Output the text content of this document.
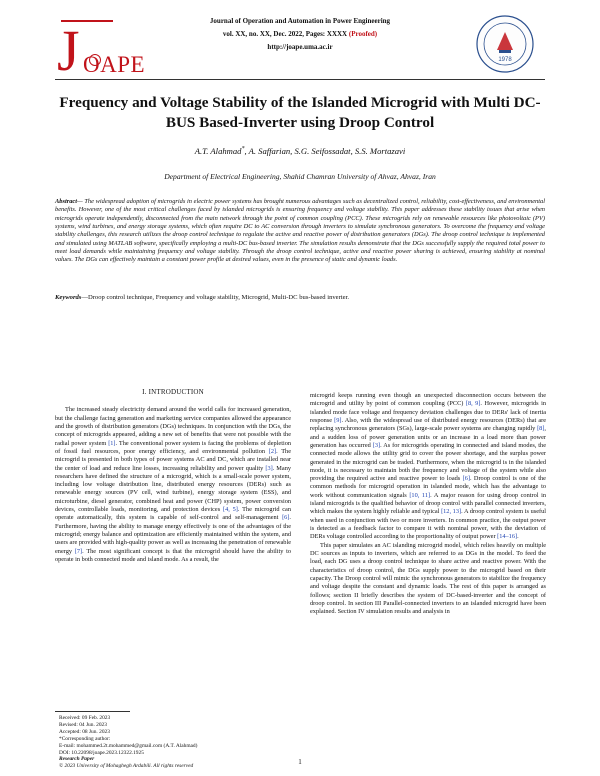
J OAPE
Journal of Operation and Automation in Power Engineering
vol. XX, no. XX, Dec. 2022, Pages: XXXX (Proofed)
http://joape.uma.ac.ir
1978
Frequency and Voltage Stability of the Islanded Microgrid with Multi DC-BUS Based-Inverter using Droop Control
A.T. Alahmad*, A. Saffarian, S.G. Seifossadat, S.S. Mortazavi
Department of Electrical Engineering, Shahid Chamran University of Ahvaz, Ahvaz, Iran
Abstract— The widespread adoption of microgrids in electric power systems has brought numerous advantages such as decentralized control, reliability, cost-effectiveness, and environmental benefits. However, one of the most critical challenges faced by islanded microgrids is ensuring frequency and voltage stability. This paper addresses these stability issues that arise when microgrids operate independently, disconnected from the main network through the point of common coupling (PCC). These microgrids rely on renewable resources like photovoltaic (PV) systems, wind turbines, and energy storage systems, which often require DC to AC conversion through inverters to simulate synchronous generators. To overcome the frequency and voltage stability challenges, this research utilizes the droop control technique to regulate the active and reactive power of distribution generators (DGs). The droop control technique is implemented and simulated using MATLAB software, specifically employing a multi-DC bus-based inverter. The simulation results demonstrate that the DGs successfully supply the required total power to meet load demands while maintaining frequency and voltage stability. Through the droop control technique, active and reactive power sharing is achieved, ensuring stability at nominal values. The DGs can effectively maintain a constant power profile at desired values, even in the presence of static and dynamic loads.
Keywords—Droop control technique, Frequency and voltage stability, Microgrid, Multi-DC bus-based inverter.
I. INTRODUCTION

The increased steady electricity demand around the world calls for increased generation, but the challenge facing generation and marketing service companies allowed the appearance and the growth of distribution generators (DGs) techniques. In conjunction with the DGs, the concept of microgrids appeared, adding a new set of benefits that were not possible with the radial power system [1]. The conventional power system is facing the problems of depletion of fossil fuel resources, poor energy efficiency, and environmental pollution [2]. The microgrid is presented in both types of power systems AC and DC, which are installed near the center of load and reduce line losses, increasing reliability and power quality [3]. Many researchers have defined the structure of a microgrid, which is a small-scale power system, including low voltage distribution line, distributed energy resources (DERs) such as renewable energy sources (PV cell, wind turbine), energy storage system (ESS), and microturbine, diesel generator, combined heat and power (CHP) system, power conversion devices, controllable loads, monitoring, and protection devices [4, 5]. The microgrid can operate automatically, this system is capable of self-control and self-management [6]. Furthermore, having the ability to manage energy effectively is one of the advantages of the microgrid; energy balance and optimization are efficiently maintained within the system, and users are provided with high-quality power as well as increasing the penetration of renewable energy [7]. The most significant concept is that the microgrid should have the ability to operate in both connected mode and island mode. As a result, the

microgrid keeps running even though an unexpected disconnection occurs between the microgrid and utility by point of common coupling (PCC) [8, 9]. However, microgrids in islanded mode face voltage and frequency deviation challenges due to DERs' lack of inertia response [9]. Also, with the widespread use of distributed energy resources (DERs) that are replacing synchronous generators (SGs), large-scale power systems are changing rapidly [8], and a sudden loss of power generation units or an increase in a load more than power generation has occurred [3]. As for microgrids operating in connected and island modes, the connected mode allows the utility grid to cover the power shortage, and the surplus power generated in the microgrid can be traded. Furthermore, when the microgrid is in the islanded mode, it is necessary to maintain both the frequency and voltage of the system while also providing the required active and reactive power to loads [6]. Droop control is one of the common methods for microgrid operation in islanded mode, which has the advantage to work without communication signals [10, 11]. A major reason for using droop control in island microgrids is the qualified behavior of droop control with parallel connected inverters, which makes the system highly reliable and typical [12, 13]. A droop control system is useful when used in conjunction with two or more inverters. In common practice, the output power is detected as a feedback factor to compare it with nominal power, with the deviation of DERs voltage controlled according to the proportionality of output power [14–16].

This paper simulates an AC islanding microgrid model, which relies heavily on multiple DC sources as inputs to inverters, which are referred to as DGs in the model. To feed the load, each DG uses a droop control technique to share active and reactive power. With the characteristics of droop control, the DGs supply power to the microgrid based on their capacity. The Droop control will mimic the synchronous generators to stabilize the frequency and voltage despite the constant and dynamic loads. The rest of this paper is arranged as follows; section II briefly describes the system of DC-based-inverter and the concept of droop control. In section III Parallel-connected inverters to an islanded microgrid have been explained. Section IV simulation results and analysis in

Received: 09 Feb. 2023
Revised: 04 Jun. 2023
Accepted: 08 Jun. 2023
*Corresponding author:
E-mail: mohammed.2t.mohammed@gmail.com (A.T. Alahmad)
DOI: 10.22098/joape.2023.12322.1925
Research Paper
© 2023 University of Mohaghegh Ardabili. All rights reserved
1
